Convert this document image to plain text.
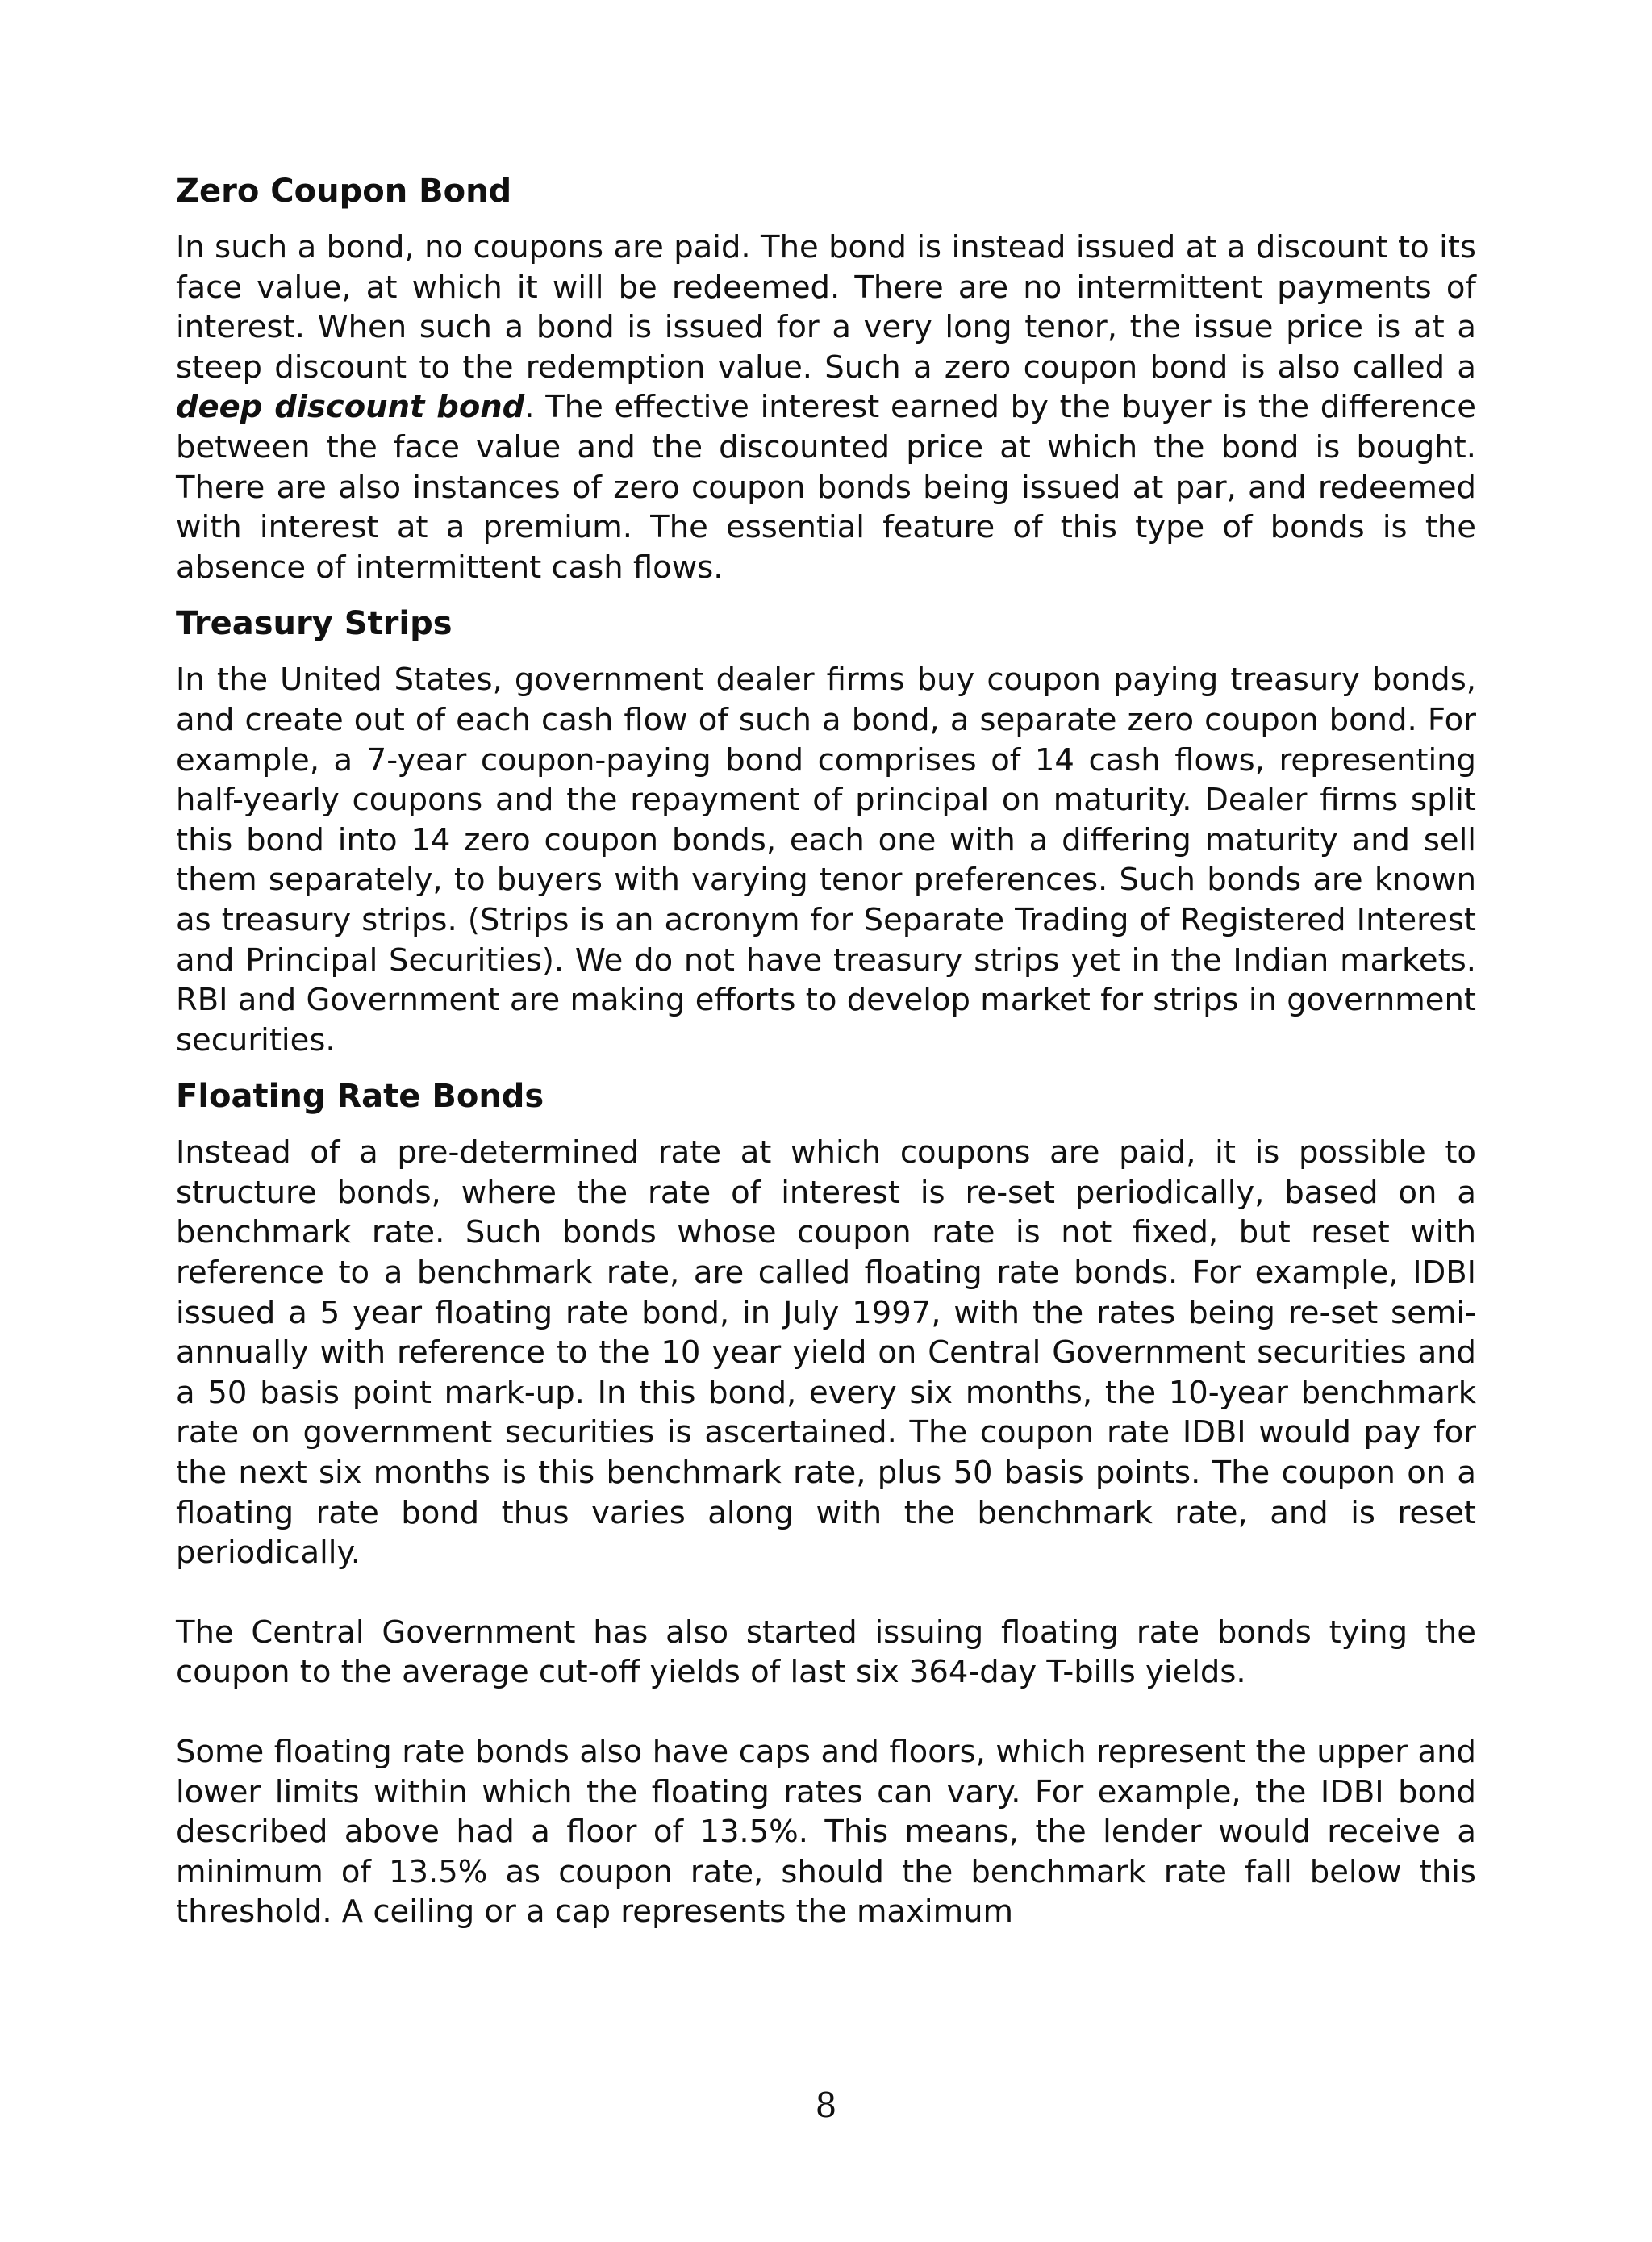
Zero Coupon Bond

In such a bond, no coupons are paid. The bond is instead issued at a discount to its face value, at which it will be redeemed. There are no intermittent payments of interest. When such a bond is issued for a very long tenor, the issue price is at a steep discount to the redemption value. Such a zero coupon bond is also called a deep discount bond. The effective interest earned by the buyer is the difference between the face value and the discounted price at which the bond is bought. There are also instances of zero coupon bonds being issued at par, and redeemed with interest at a premium. The essential feature of this type of bonds is the absence of intermittent cash flows.

Treasury Strips

In the United States, government dealer firms buy coupon paying treasury bonds, and create out of each cash flow of such a bond, a separate zero coupon bond. For example, a 7-year coupon-paying bond comprises of 14 cash flows, representing half-yearly coupons and the repayment of principal on maturity. Dealer firms split this bond into 14 zero coupon bonds, each one with a differing maturity and sell them separately, to buyers with varying tenor preferences. Such bonds are known as treasury strips. (Strips is an acronym for Separate Trading of Registered Interest and Principal Securities). We do not have treasury strips yet in the Indian markets. RBI and Government are making efforts to develop market for strips in government securities.

Floating Rate Bonds

Instead of a pre-determined rate at which coupons are paid, it is possible to structure bonds, where the rate of interest is re-set periodically, based on a benchmark rate. Such bonds whose coupon rate is not fixed, but reset with reference to a benchmark rate, are called floating rate bonds. For example, IDBI issued a 5 year floating rate bond, in July 1997, with the rates being re-set semi-annually with reference to the 10 year yield on Central Government securities and a 50 basis point mark-up. In this bond, every six months, the 10-year benchmark rate on government securities is ascertained. The coupon rate IDBI would pay for the next six months is this benchmark rate, plus 50 basis points. The coupon on a floating rate bond thus varies along with the benchmark rate, and is reset periodically.

The Central Government has also started issuing floating rate bonds tying the coupon to the average cut-off yields of last six 364-day T-bills yields.

Some floating rate bonds also have caps and floors, which represent the upper and lower limits within which the floating rates can vary. For example, the IDBI bond described above had a floor of 13.5%. This means, the lender would receive a minimum of 13.5% as coupon rate, should the benchmark rate fall below this threshold. A ceiling or a cap represents the maximum

8
